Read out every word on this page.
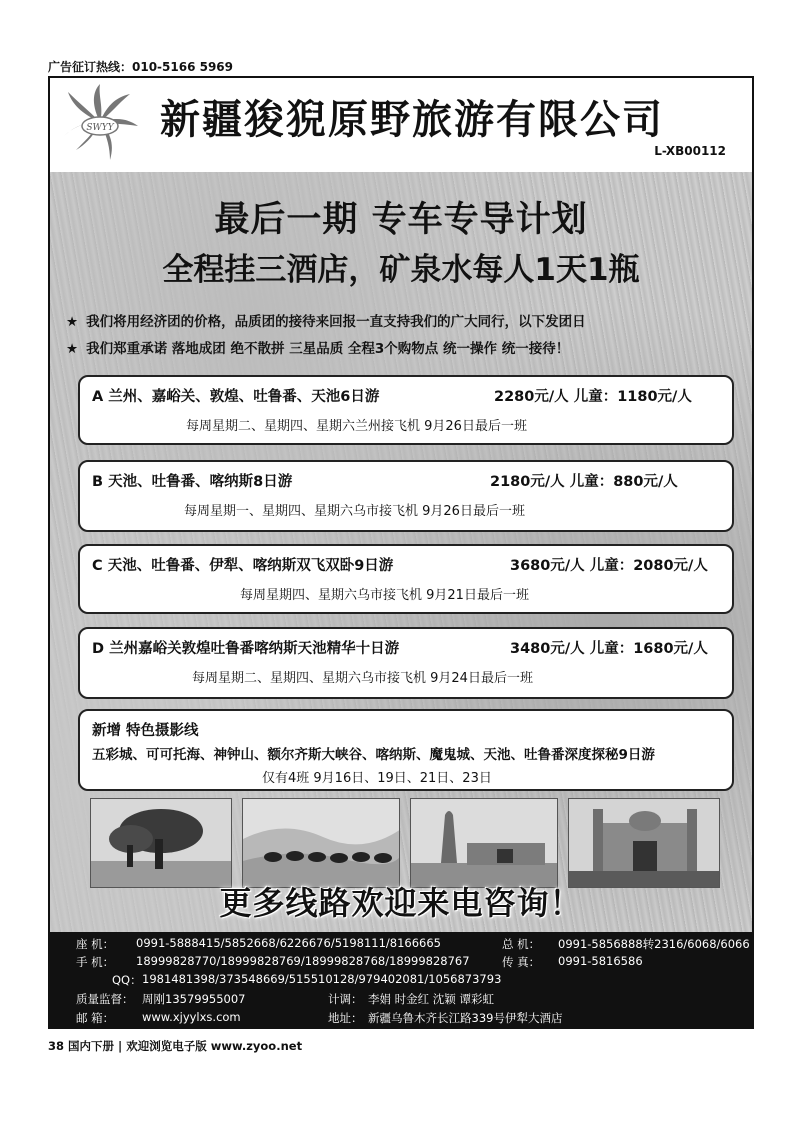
广告征订热线：010-5166 5969
SWYY 新疆狻猊原野旅游有限公司
L-XB00112
最后一期 专车专导计划
全程挂三酒店，矿泉水每人1天1瓶
★ 我们将用经济团的价格，品质团的接待来回报一直支持我们的广大同行，以下发团日
★ 我们郑重承诺 落地成团 绝不散拼 三星品质 全程3个购物点 统一操作 统一接待！
A 兰州、嘉峪关、敦煌、吐鲁番、天池6日游	2280元/人 儿童：1180元/人
每周星期二、星期四、星期六兰州接飞机 9月26日最后一班
B 天池、吐鲁番、喀纳斯8日游	2180元/人 儿童：880元/人
每周星期一、星期四、星期六乌市接飞机 9月26日最后一班
C 天池、吐鲁番、伊犁、喀纳斯双飞双卧9日游	3680元/人 儿童：2080元/人
每周星期四、星期六乌市接飞机 9月21日最后一班
D 兰州嘉峪关敦煌吐鲁番喀纳斯天池精华十日游	3480元/人 儿童：1680元/人
每周星期二、星期四、星期六乌市接飞机 9月24日最后一班
新增 特色摄影线
五彩城、可可托海、神钟山、额尔齐斯大峡谷、喀纳斯、魔鬼城、天池、吐鲁番深度探秘9日游
仅有4班 9月16日、19日、21日、23日
更多线路欢迎来电咨询！
座 机： 0991-5888415/5852668/6226676/5198111/8166665	总 机： 0991-5856888转2316/6068/6066
手 机： 18999828770/18999828769/18999828768/18999828767	传 真： 0991-5816586
QQ： 1981481398/373548669/515510128/979402081/1056873793
质量监督： 周刚13579955007	计调： 李娟 时金红 沈颖 谭彩虹
邮 箱： www.xjyylxs.com	地址： 新疆乌鲁木齐长江路339号伊犁大酒店
38 国内下册 | 欢迎浏览电子版 www.zyoo.net
